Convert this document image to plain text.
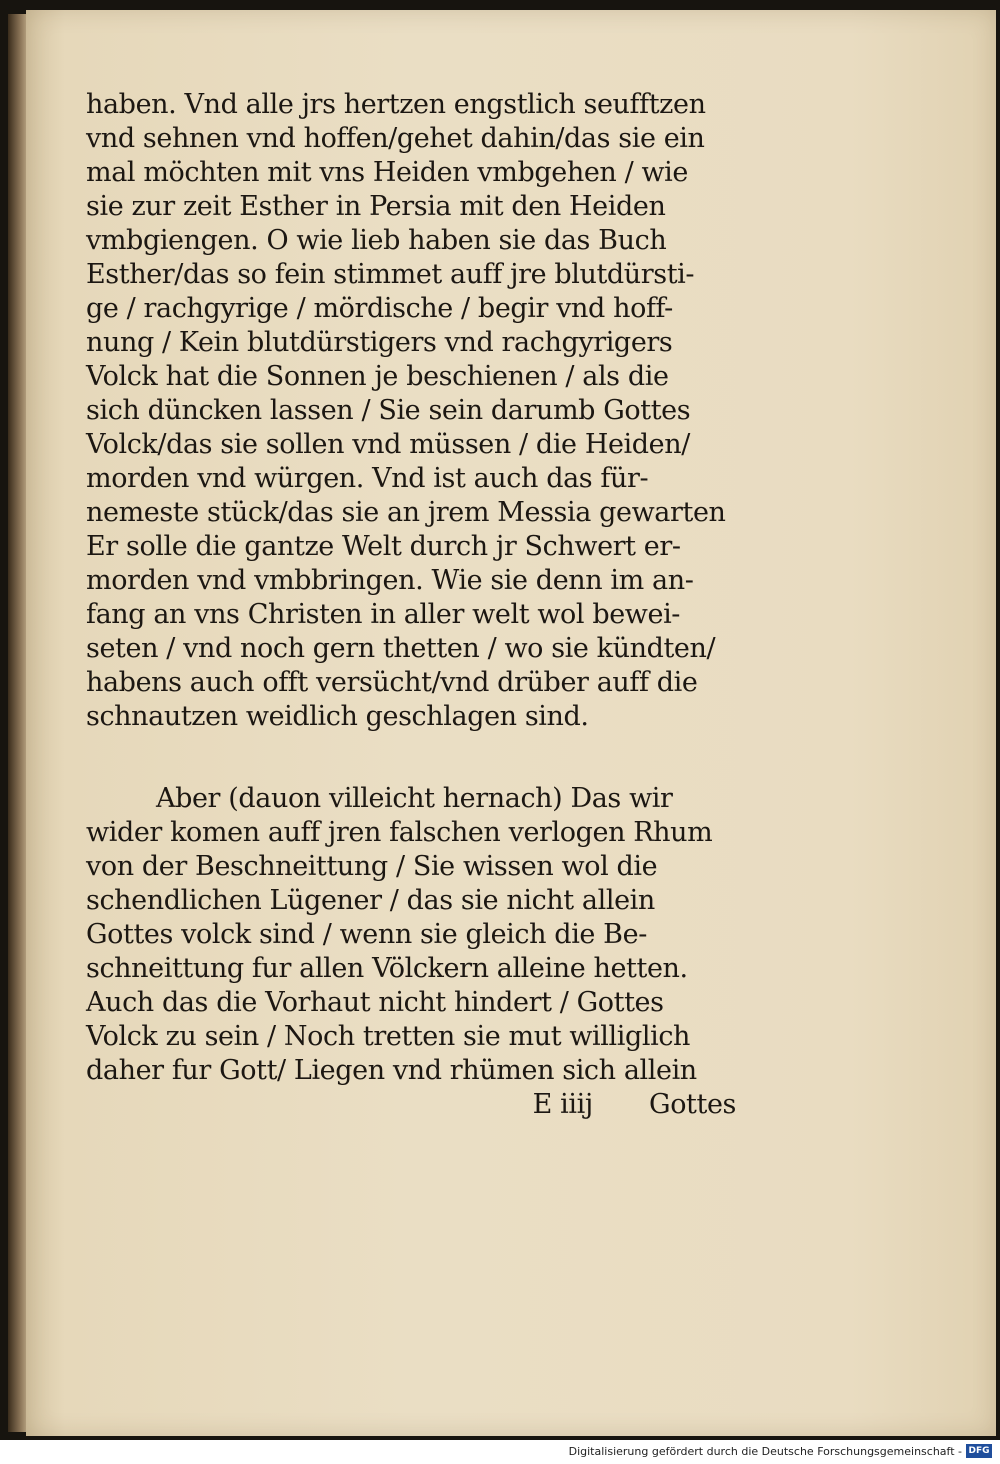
haben. Vnd alle jrs hertzen engstlich seufftzen
vnd sehnen vnd hoffen/gehet dahin/das sie ein
mal möchten mit vns Heiden vmbgehen / wie
sie zur zeit Esther in Persia mit den Heiden
vmbgiengen. O wie lieb haben sie das Buch
Esther/das so fein stimmet auff jre blutdürsti-
ge / rachgyrige / mördische / begir vnd hoff-
nung / Kein blutdürstigers vnd rachgyrigers
Volck hat die Sonnen je beschienen / als die
sich düncken lassen / Sie sein darumb Gottes
Volck/das sie sollen vnd müssen / die Heiden/
morden vnd würgen. Vnd ist auch das für-
nemeste stück/das sie an jrem Messia gewarten
Er solle die gantze Welt durch jr Schwert er-
morden vnd vmbbringen. Wie sie denn im an-
fang an vns Christen in aller welt wol bewei-
seten / vnd noch gern thetten / wo sie kündten/
habens auch offt versücht/vnd drüber auff die
schnautzen weidlich geschlagen sind.
Aber (dauon villeicht hernach) Das wir
wider komen auff jren falschen verlogen Rhum
von der Beschneittung / Sie wissen wol die
schendlichen Lügener / das sie nicht allein
Gottes volck sind / wenn sie gleich die Be-
schneittung fur allen Völckern alleine hetten.
Auch das die Vorhaut nicht hindert / Gottes
Volck zu sein / Noch tretten sie mut williglich
daher fur Gott/ Liegen vnd rhümen sich allein
E iiij Gottes
Digitalisierung gefördert durch die Deutsche Forschungsgemeinschaft - DFG
